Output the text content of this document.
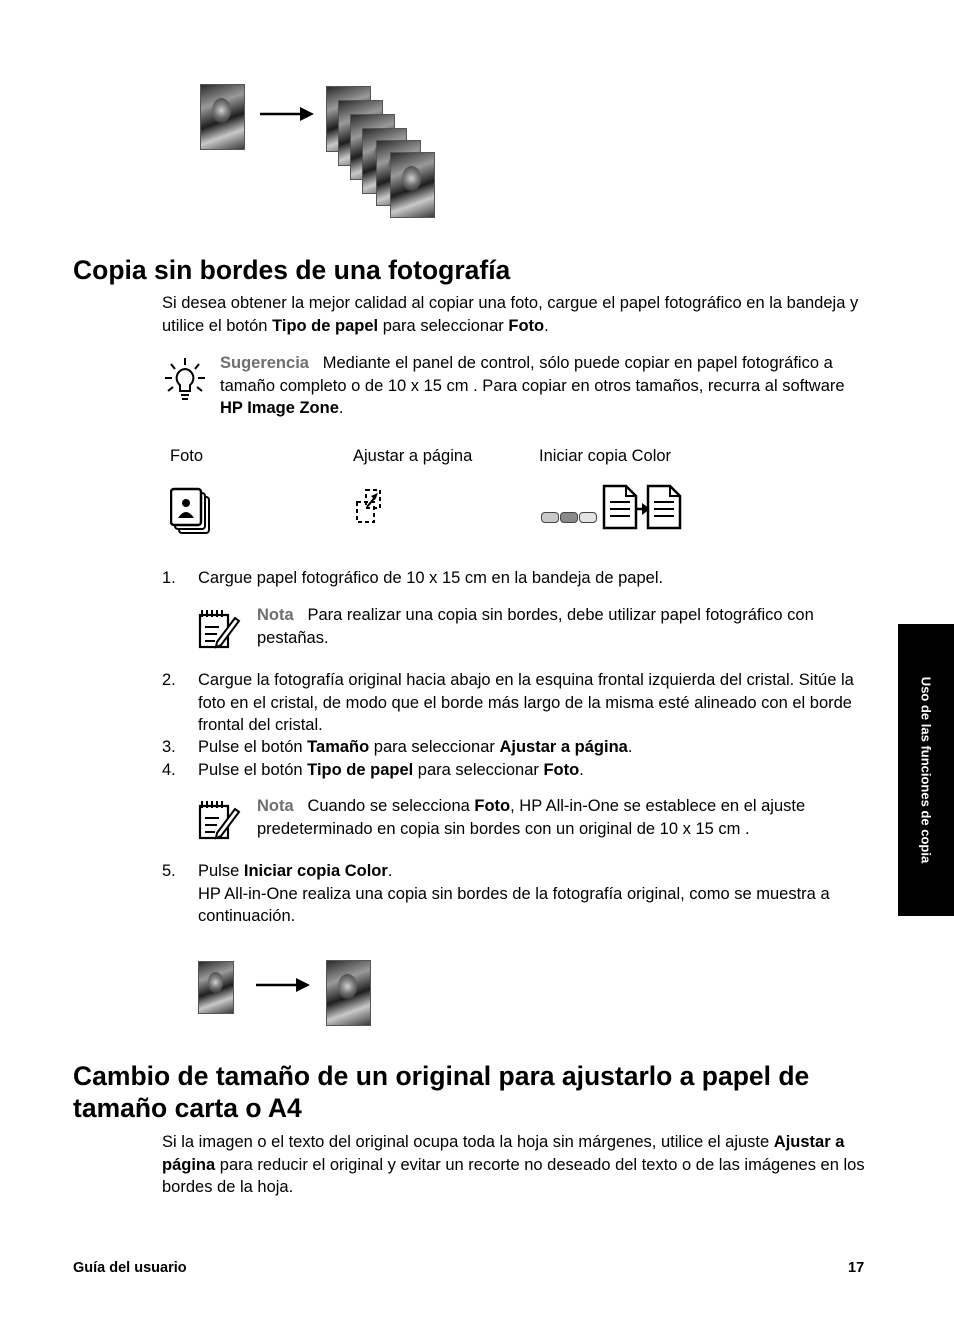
Copia sin bordes de una fotografía

Si desea obtener la mejor calidad al copiar una foto, cargue el papel fotográfico en la bandeja y utilice el botón Tipo de papel para seleccionar Foto.

Sugerencia Mediante el panel de control, sólo puede copiar en papel fotográfico a tamaño completo o de 10 x 15 cm . Para copiar en otros tamaños, recurra al software HP Image Zone.

Foto	Ajustar a página	Iniciar copia Color
1. Cargue papel fotográfico de 10 x 15 cm en la bandeja de papel.

Nota Para realizar una copia sin bordes, debe utilizar papel fotográfico con pestañas.

2. Cargue la fotografía original hacia abajo en la esquina frontal izquierda del cristal. Sitúe la foto en el cristal, de modo que el borde más largo de la misma esté alineado con el borde frontal del cristal.
3. Pulse el botón Tamaño para seleccionar Ajustar a página.
4. Pulse el botón Tipo de papel para seleccionar Foto.

Nota Cuando se selecciona Foto, HP All-in-One se establece en el ajuste predeterminado en copia sin bordes con un original de 10 x 15 cm .

5. Pulse Iniciar copia Color.
HP All-in-One realiza una copia sin bordes de la fotografía original, como se muestra a continuación.
Cambio de tamaño de un original para ajustarlo a papel de tamaño carta o A4

Si la imagen o el texto del original ocupa toda la hoja sin márgenes, utilice el ajuste Ajustar a página para reducir el original y evitar un recorte no deseado del texto o de las imágenes en los bordes de la hoja.

Uso de las funciones de copia
Guía del usuario	17
